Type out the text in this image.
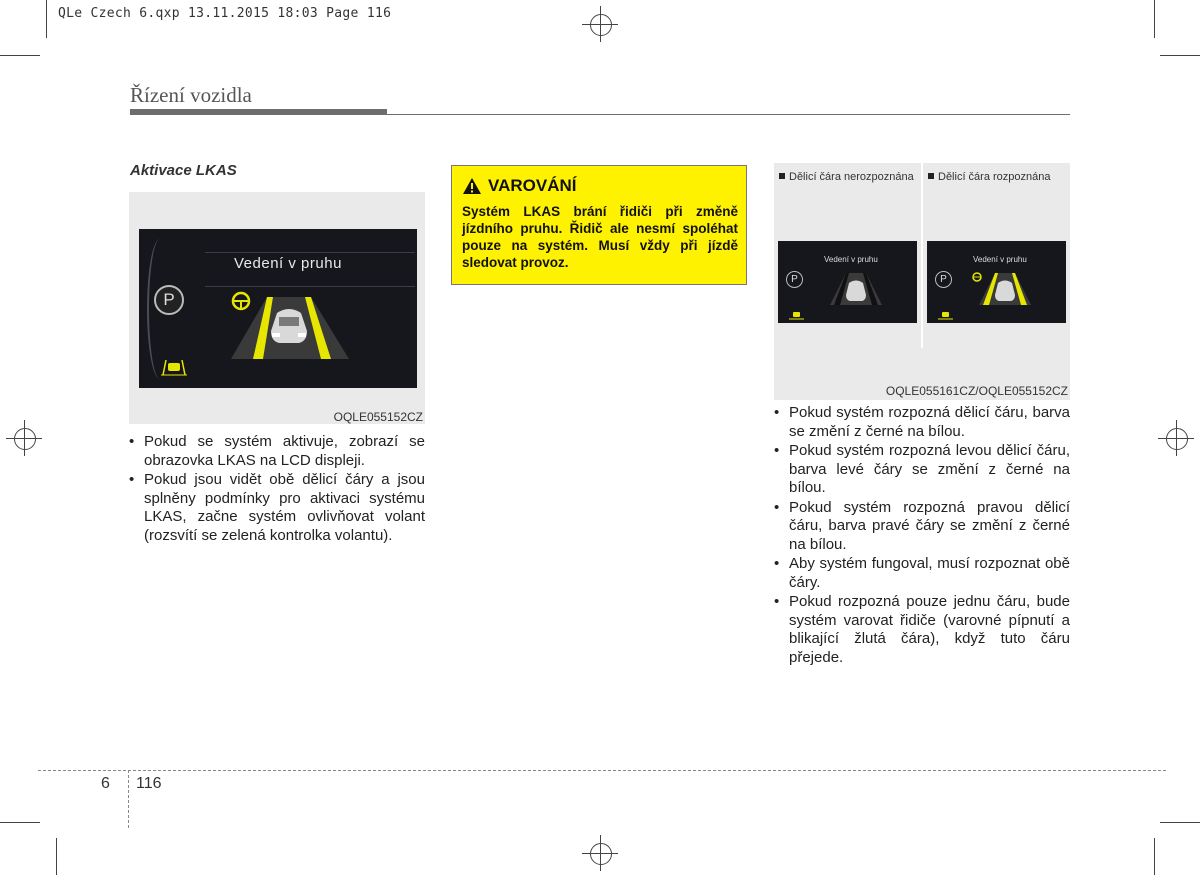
QLe Czech 6.qxp 13.11.2015 18:03 Page 116
Řízení vozidla
Aktivace LKAS
Vedení v pruhu
P
OQLE055152CZ
• Pokud se systém aktivuje, zobrazí se obrazovka LKAS na LCD displeji.
• Pokud jsou vidět obě dělicí čáry a jsou splněny podmínky pro aktivaci systému LKAS, začne systém ovlivňovat volant (rozsvítí se zelená kontrolka volantu).
VAROVÁNÍ
Systém LKAS brání řidiči při změně jízdního pruhu. Řidič ale nesmí spoléhat pouze na systém. Musí vždy při jízdě sledovat provoz.
Dělicí čára nerozpoznána	Dělicí čára rozpoznána
Vedení v pruhu
P
Vedení v pruhu
P
OQLE055161CZ/OQLE055152CZ
• Pokud systém rozpozná dělicí čáru, barva se změní z černé na bílou.
• Pokud systém rozpozná levou dělicí čáru, barva levé čáry se změní z černé na bílou.
• Pokud systém rozpozná pravou dělicí čáru, barva pravé čáry se změní z černé na bílou.
• Aby systém fungoval, musí rozpoznat obě čáry.
• Pokud rozpozná pouze jednu čáru, bude systém varovat řidiče (varovné pípnutí a blikající žlutá čára), když tuto čáru přejede.
6 116
